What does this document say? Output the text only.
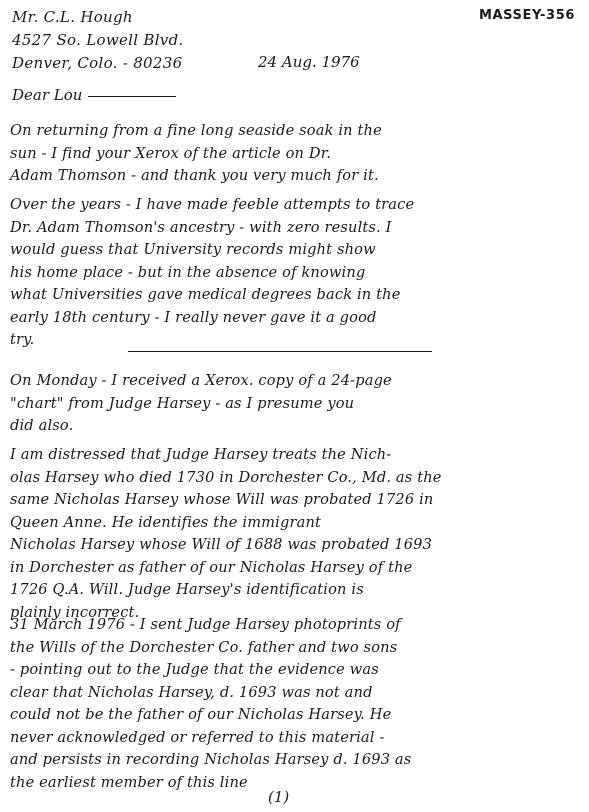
Mr. C.L. Hough
4527 So. Lowell Blvd.
Denver, Colo. - 80236
MASSEY-356
24 Aug. 1976
Dear Lou
On returning from a fine long seaside soak in the
sun - I find your Xerox of the article on Dr.
Adam Thomson - and thank you very much for it.
Over the years - I have made feeble attempts to trace
Dr. Adam Thomson's ancestry - with zero results. I
would guess that University records might show
his home place - but in the absence of knowing
what Universities gave medical degrees back in the
early 18th century - I really never gave it a good
try.
On Monday - I received a Xerox. copy of a 24-page
"chart" from Judge Harsey - as I presume you
did also.
I am distressed that Judge Harsey treats the Nich-
olas Harsey who died 1730 in Dorchester Co., Md. as the
same Nicholas Harsey whose Will was probated 1726 in
Queen Anne. He identifies the immigrant
Nicholas Harsey whose Will of 1688 was probated 1693
in Dorchester as father of our Nicholas Harsey of the
1726 Q.A. Will. Judge Harsey's identification is
plainly incorrect.
31 March 1976 - I sent Judge Harsey photoprints of
the Wills of the Dorchester Co. father and two sons
- pointing out to the Judge that the evidence was
clear that Nicholas Harsey, d. 1693 was not and
could not be the father of our Nicholas Harsey. He
never acknowledged or referred to this material -
and persists in recording Nicholas Harsey d. 1693 as
the earliest member of this line
(1)
